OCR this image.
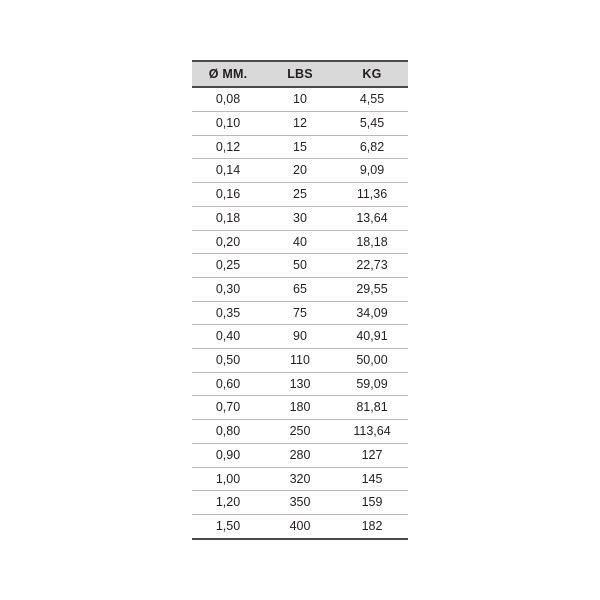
Ø MM.	LBS	KG
0,08	10	4,55
0,10	12	5,45
0,12	15	6,82
0,14	20	9,09
0,16	25	11,36
0,18	30	13,64
0,20	40	18,18
0,25	50	22,73
0,30	65	29,55
0,35	75	34,09
0,40	90	40,91
0,50	110	50,00
0,60	130	59,09
0,70	180	81,81
0,80	250	113,64
0,90	280	127
1,00	320	145
1,20	350	159
1,50	400	182
